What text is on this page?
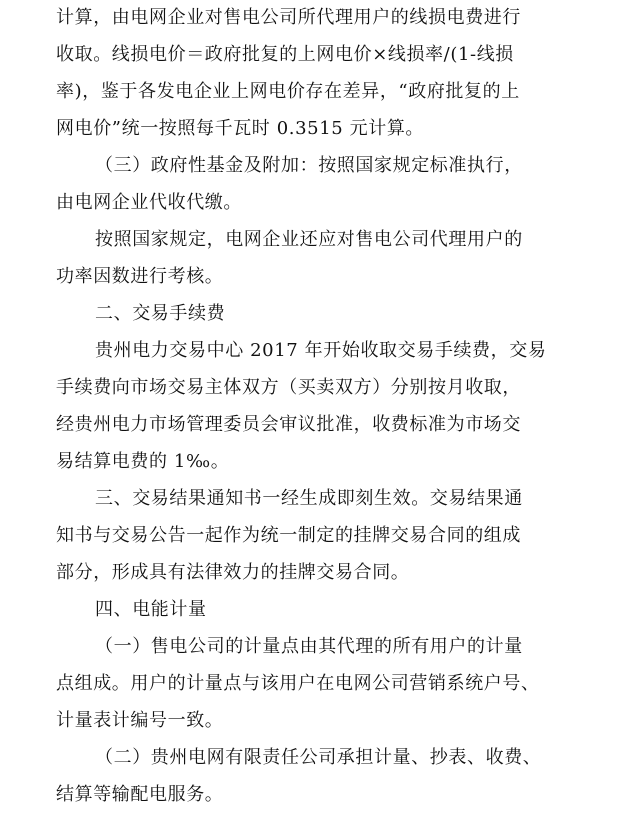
计算，由电网企业对售电公司所代理用户的线损电费进行
收取。线损电价＝政府批复的上网电价×线损率/(1-线损
率)，鉴于各发电企业上网电价存在差异，“政府批复的上
网电价”统一按照每千瓦时 0.3515 元计算。
（三）政府性基金及附加：按照国家规定标准执行，
由电网企业代收代缴。
按照国家规定，电网企业还应对售电公司代理用户的
功率因数进行考核。
二、交易手续费
贵州电力交易中心 2017 年开始收取交易手续费，交易
手续费向市场交易主体双方（买卖双方）分别按月收取，
经贵州电力市场管理委员会审议批准，收费标准为市场交
易结算电费的 1‰。
三、交易结果通知书一经生成即刻生效。交易结果通
知书与交易公告一起作为统一制定的挂牌交易合同的组成
部分，形成具有法律效力的挂牌交易合同。
四、电能计量
（一）售电公司的计量点由其代理的所有用户的计量
点组成。用户的计量点与该用户在电网公司营销系统户号、
计量表计编号一致。
（二）贵州电网有限责任公司承担计量、抄表、收费、
结算等输配电服务。
